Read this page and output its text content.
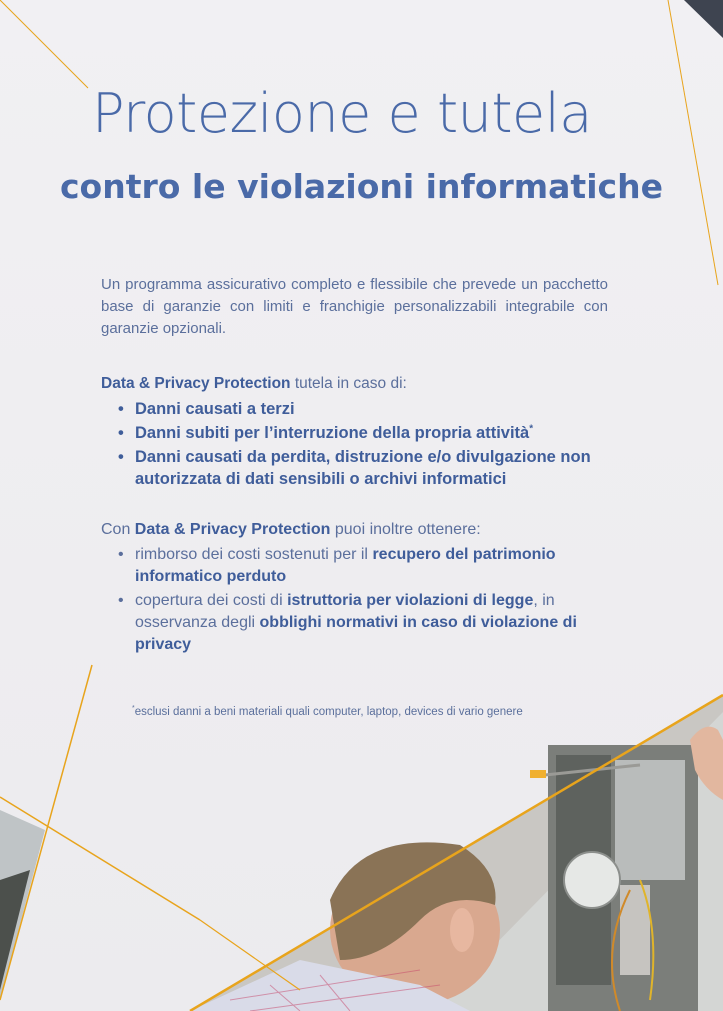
Protezione e tutela
contro le violazioni informatiche

Un programma assicurativo completo e flessibile che prevede un pacchetto base di garanzie con limiti e franchigie personalizzabili integrabile con garanzie opzionali.

Data & Privacy Protection tutela in caso di:

• Danni causati a terzi
• Danni subiti per l’interruzione della propria attività*
• Danni causati da perdita, distruzione e/o divulgazione non autorizzata di dati sensibili o archivi informatici

Con Data & Privacy Protection puoi inoltre ottenere:

• rimborso dei costi sostenuti per il recupero del patrimonio informatico perduto
• copertura dei costi di istruttoria per violazioni di legge, in osservanza degli obblighi normativi in caso di violazione di privacy

*esclusi danni a beni materiali quali computer, laptop, devices di vario genere
